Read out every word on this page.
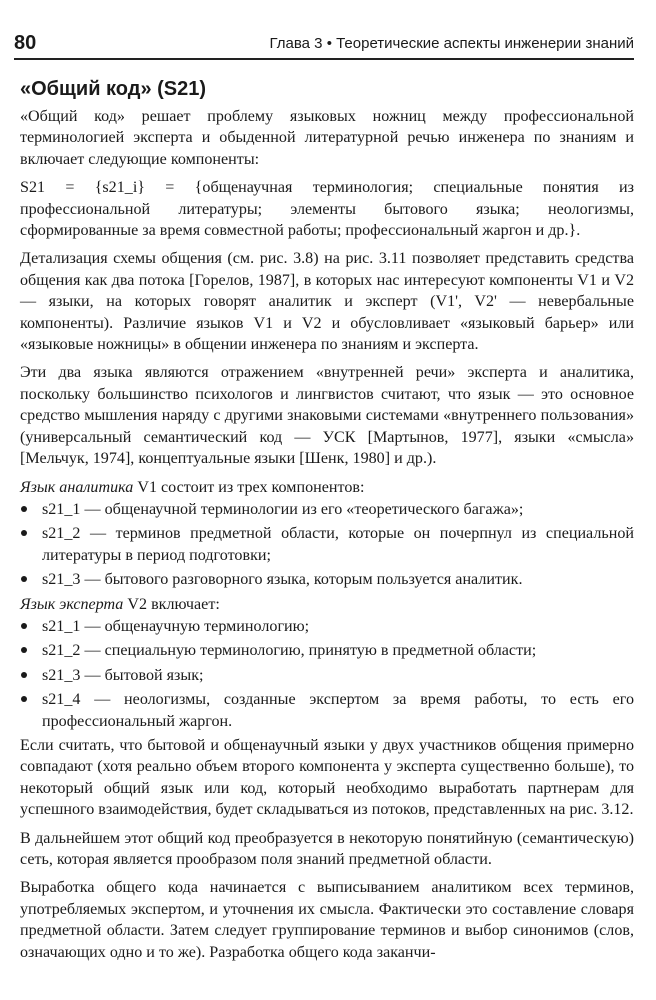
80	Глава 3 • Теоретические аспекты инженерии знаний
«Общий код» (S21)

«Общий код» решает проблему языковых ножниц между профессиональной терминологией эксперта и обыденной литературной речью инженера по знаниям и включает следующие компоненты:

S21 = {s21_i} = {общенаучная терминология; специальные понятия из профессиональной литературы; элементы бытового языка; неологизмы, сформированные за время совместной работы; профессиональный жаргон и др.}.

Детализация схемы общения (см. рис. 3.8) на рис. 3.11 позволяет представить средства общения как два потока [Горелов, 1987], в которых нас интересуют компоненты V1 и V2 — языки, на которых говорят аналитик и эксперт (V1', V2' — невербальные компоненты). Различие языков V1 и V2 и обусловливает «языковый барьер» или «языковые ножницы» в общении инженера по знаниям и эксперта.

Эти два языка являются отражением «внутренней речи» эксперта и аналитика, поскольку большинство психологов и лингвистов считают, что язык — это основное средство мышления наряду с другими знаковыми системами «внутреннего пользования» (универсальный семантический код — УСК [Мартынов, 1977], языки «смысла» [Мельчук, 1974], концептуальные языки [Шенк, 1980] и др.).

Язык аналитика V1 состоит из трех компонентов:

s21_1 — общенаучной терминологии из его «теоретического багажа»;
s21_2 — терминов предметной области, которые он почерпнул из специальной литературы в период подготовки;
s21_3 — бытового разговорного языка, которым пользуется аналитик.

Язык эксперта V2 включает:

s21_1 — общенаучную терминологию;
s21_2 — специальную терминологию, принятую в предметной области;
s21_3 — бытовой язык;
s21_4 — неологизмы, созданные экспертом за время работы, то есть его профессиональный жаргон.

Если считать, что бытовой и общенаучный языки у двух участников общения примерно совпадают (хотя реально объем второго компонента у эксперта существенно больше), то некоторый общий язык или код, который необходимо выработать партнерам для успешного взаимодействия, будет складываться из потоков, представленных на рис. 3.12.

В дальнейшем этот общий код преобразуется в некоторую понятийную (семантическую) сеть, которая является прообразом поля знаний предметной области.

Выработка общего кода начинается с выписыванием аналитиком всех терминов, употребляемых экспертом, и уточнения их смысла. Фактически это составление словаря предметной области. Затем следует группирование терминов и выбор синонимов (слов, означающих одно и то же). Разработка общего кода заканчи-
